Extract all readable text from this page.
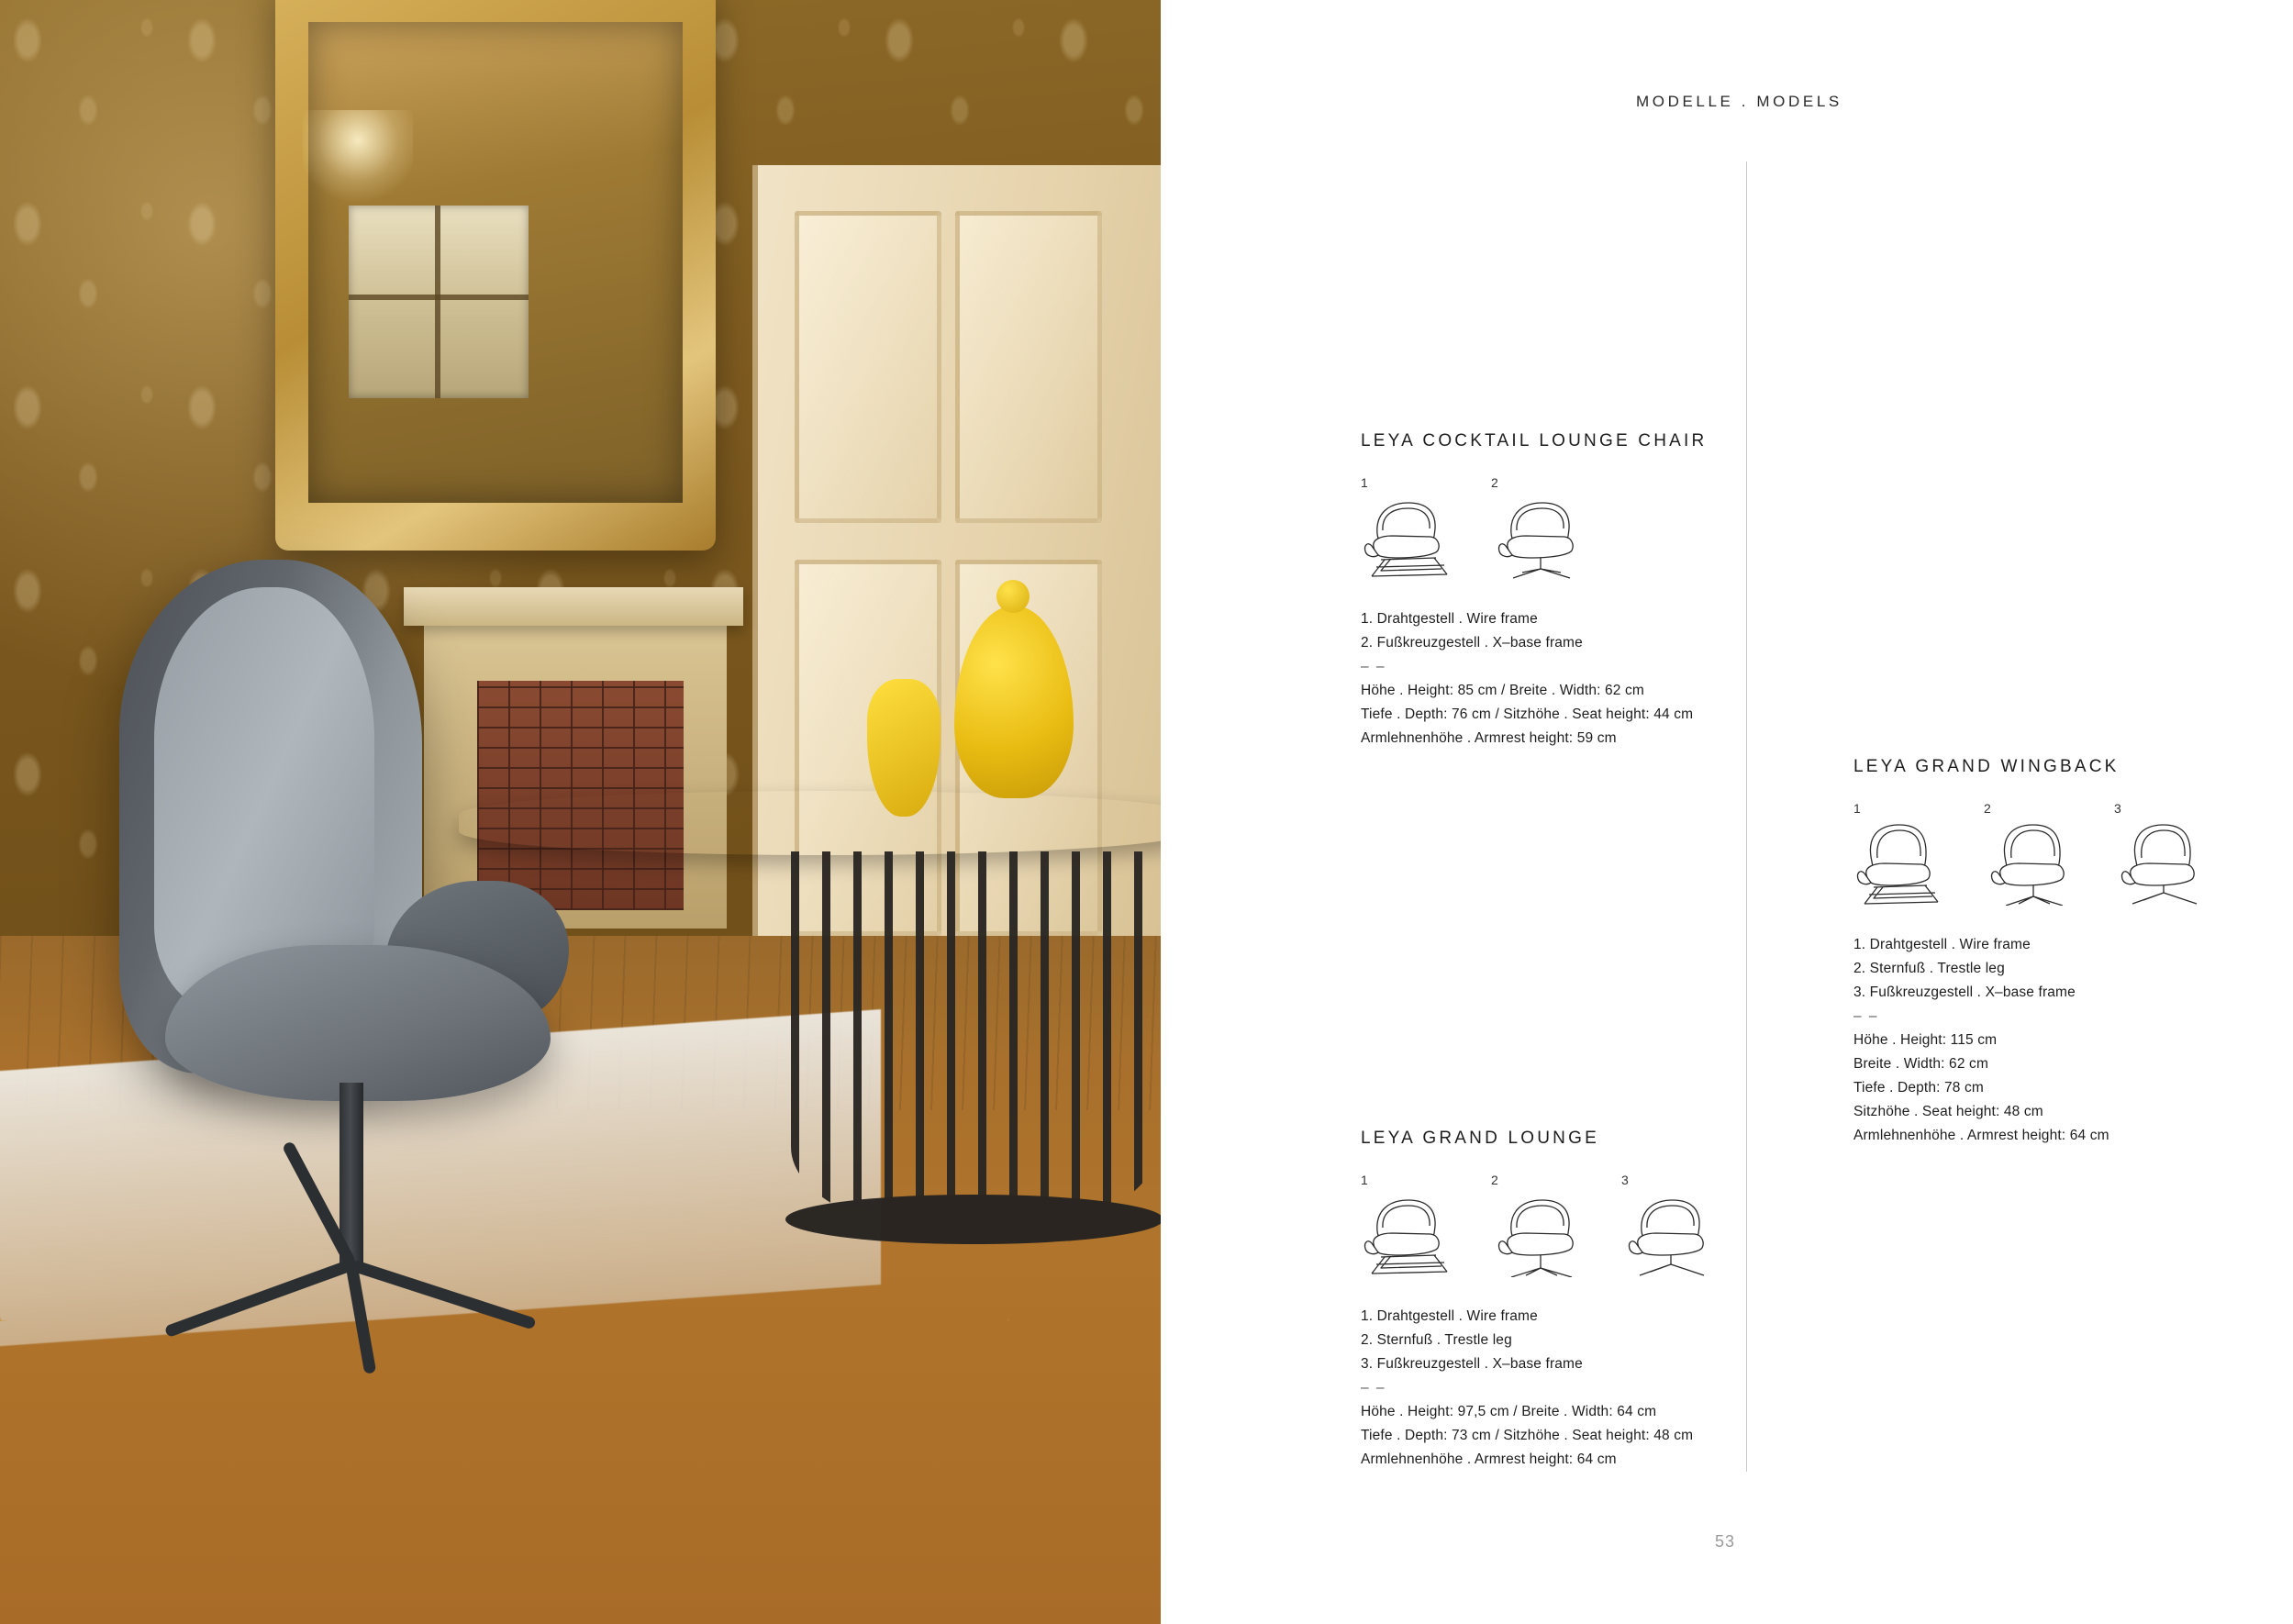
MODELLE . MODELS
LEYA COCKTAIL LOUNGE CHAIR
1	2
1. Drahtgestell . Wire frame
2. Fußkreuzgestell . X–base frame
– –
Höhe . Height: 85 cm / Breite . Width: 62 cm
Tiefe . Depth: 76 cm / Sitzhöhe . Seat height: 44 cm
Armlehnenhöhe . Armrest height: 59 cm
LEYA GRAND LOUNGE
1	2	3
1. Drahtgestell . Wire frame
2. Sternfuß . Trestle leg
3. Fußkreuzgestell . X–base frame
– –
Höhe . Height: 97,5 cm / Breite . Width: 64 cm
Tiefe . Depth: 73 cm / Sitzhöhe . Seat height: 48 cm
Armlehnenhöhe . Armrest height: 64 cm
LEYA GRAND WINGBACK
1	2	3
1. Drahtgestell . Wire frame
2. Sternfuß . Trestle leg
3. Fußkreuzgestell . X–base frame
– –
Höhe . Height: 115 cm
Breite . Width: 62 cm
Tiefe . Depth: 78 cm
Sitzhöhe . Seat height: 48 cm
Armlehnenhöhe . Armrest height: 64 cm
53
